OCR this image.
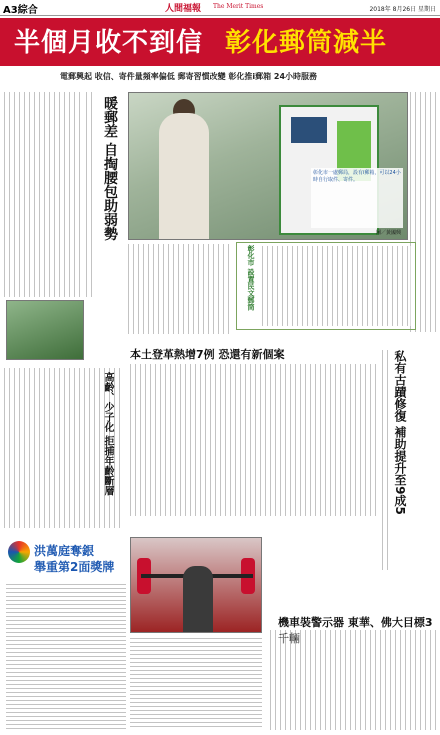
A3綜合	人間福報 The Merit Times	2018年 8月26日 星期日
半個月收不到信 彰化郵筒減半
電郵興起 收信、寄件量頻率偏低 郵寄習慣改變 彰化推i郵箱 24小時服務
暖郵差 自掏腰包助弱勢	圖／黃國興
彰化市一處郵局，設有i郵箱，可以24小時自行取件、寄件。
彰化市 設置民文郵筒
本土登革熱增7例 恐還有新個案
高齡、少子化 拒捕年齡斷層	私有古蹟修復 補助提升至9成5
洪萬庭奪銀
舉重第2面獎牌
機車裝警示器 東華、佛大目標3千輛
